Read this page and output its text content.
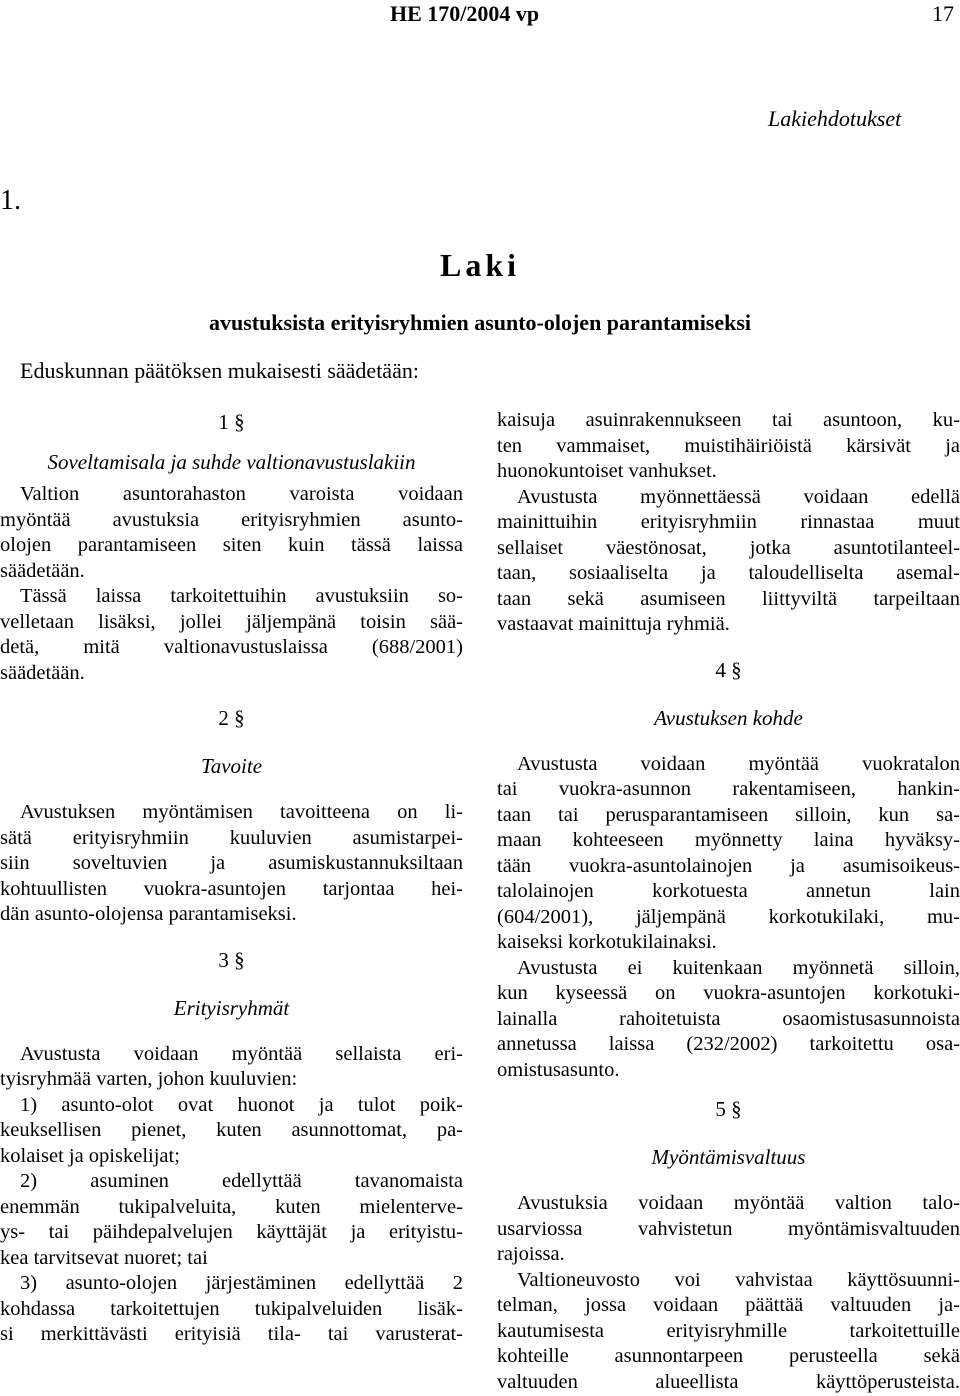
HE 170/2004 vp	17
Lakiehdotukset
1.
Laki
avustuksista erityisryhmien asunto-olojen parantamiseksi
Eduskunnan päätöksen mukaisesti säädetään:
1 §
Soveltamisala ja suhde valtionavustuslakiin
Valtion asuntorahaston varoista voidaan
myöntää avustuksia erityisryhmien asunto-
olojen parantamiseen siten kuin tässä laissa
säädetään.
Tässä laissa tarkoitettuihin avustuksiin so-
velletaan lisäksi, jollei jäljempänä toisin sää-
detä, mitä valtionavustuslaissa (688/2001)
säädetään.
2 §
Tavoite
Avustuksen myöntämisen tavoitteena on li-
sätä erityisryhmiin kuuluvien asumistarpei-
siin soveltuvien ja asumiskustannuksiltaan
kohtuullisten vuokra-asuntojen tarjontaa hei-
dän asunto-olojensa parantamiseksi.
3 §
Erityisryhmät
Avustusta voidaan myöntää sellaista eri-
tyisryhmää varten, johon kuuluvien:
1) asunto-olot ovat huonot ja tulot poik-
keuksellisen pienet, kuten asunnottomat, pa-
kolaiset ja opiskelijat;
2) asuminen edellyttää tavanomaista
enemmän tukipalveluita, kuten mielenterve-
ys- tai päihdepalvelujen käyttäjät ja erityistu-
kea tarvitsevat nuoret; tai
3) asunto-olojen järjestäminen edellyttää 2
kohdassa tarkoitettujen tukipalveluiden lisäk-
si merkittävästi erityisiä tila- tai varusterat-
kaisuja asuinrakennukseen tai asuntoon, ku-
ten vammaiset, muistihäiriöistä kärsivät ja
huonokuntoiset vanhukset.
Avustusta myönnettäessä voidaan edellä
mainittuihin erityisryhmiin rinnastaa muut
sellaiset väestönosat, jotka asuntotilanteel-
taan, sosiaaliselta ja taloudelliselta asemal-
taan sekä asumiseen liittyviltä tarpeiltaan
vastaavat mainittuja ryhmiä.
4 §
Avustuksen kohde
Avustusta voidaan myöntää vuokratalon
tai vuokra-asunnon rakentamiseen, hankin-
taan tai perusparantamiseen silloin, kun sa-
maan kohteeseen myönnetty laina hyväksy-
tään vuokra-asuntolainojen ja asumisoikeus-
talolainojen korkotuesta annetun lain
(604/2001), jäljempänä korkotukilaki, mu-
kaiseksi korkotukilainaksi.
Avustusta ei kuitenkaan myönnetä silloin,
kun kyseessä on vuokra-asuntojen korkotuki-
lainalla rahoitetuista osaomistusasunnoista
annetussa laissa (232/2002) tarkoitettu osa-
omistusasunto.
5 §
Myöntämisvaltuus
Avustuksia voidaan myöntää valtion talo-
usarviossa vahvistetun myöntämisvaltuuden
rajoissa.
Valtioneuvosto voi vahvistaa käyttösuunni-
telman, jossa voidaan päättää valtuuden ja-
kautumisesta erityisryhmille tarkoitettuille
kohteille asunnontarpeen perusteella sekä
valtuuden alueellista käyttöperusteista.
